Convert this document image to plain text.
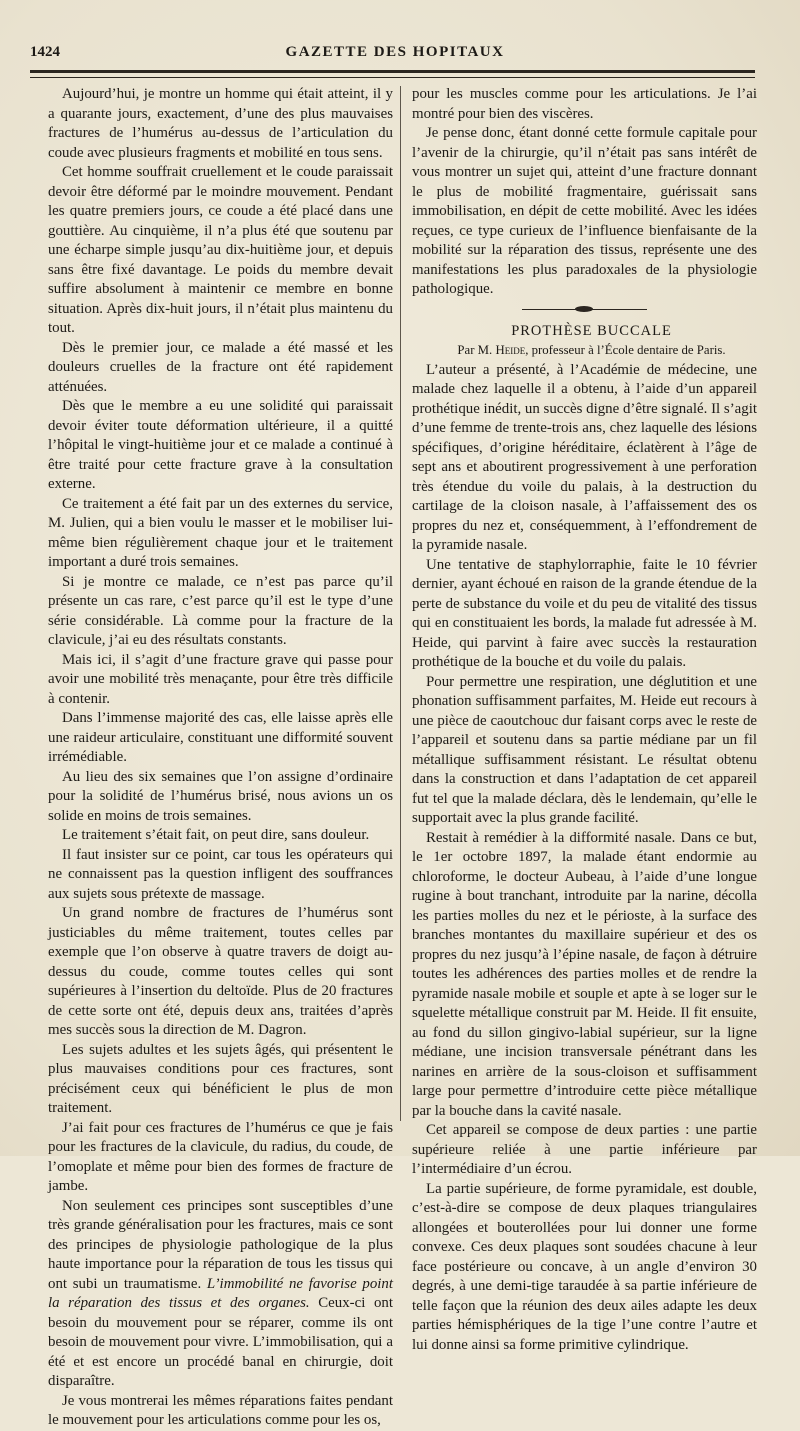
1424	GAZETTE DES HOPITAUX

Aujourd’hui, je montre un homme qui était atteint, il y a quarante jours, exactement, d’une des plus mauvaises fractures de l’humérus au-dessus de l’articulation du coude avec plusieurs fragments et mobilité en tous sens.

Cet homme souffrait cruellement et le coude paraissait devoir être déformé par le moindre mouvement. Pendant les quatre premiers jours, ce coude a été placé dans une gouttière. Au cinquième, il n’a plus été que soutenu par une écharpe simple jusqu’au dix-huitième jour, et depuis sans être fixé davantage. Le poids du membre devait suffire absolument à maintenir ce membre en bonne situation. Après dix-huit jours, il n’était plus maintenu du tout.

Dès le premier jour, ce malade a été massé et les douleurs cruelles de la fracture ont été rapidement atténuées.

Dès que le membre a eu une solidité qui paraissait devoir éviter toute déformation ultérieure, il a quitté l’hôpital le vingt-huitième jour et ce malade a continué à être traité pour cette fracture grave à la consultation externe.

Ce traitement a été fait par un des externes du service, M. Julien, qui a bien voulu le masser et le mobiliser lui-même bien régulièrement chaque jour et le traitement important a duré trois semaines.

Si je montre ce malade, ce n’est pas parce qu’il présente un cas rare, c’est parce qu’il est le type d’une série considérable. Là comme pour la fracture de la clavicule, j’ai eu des résultats constants.

Mais ici, il s’agit d’une fracture grave qui passe pour avoir une mobilité très menaçante, pour être très difficile à contenir.

Dans l’immense majorité des cas, elle laisse après elle une raideur articulaire, constituant une difformité souvent irrémédiable.

Au lieu des six semaines que l’on assigne d’ordinaire pour la solidité de l’humérus brisé, nous avions un os solide en moins de trois semaines.

Le traitement s’était fait, on peut dire, sans douleur.

Il faut insister sur ce point, car tous les opérateurs qui ne connaissent pas la question infligent des souffrances aux sujets sous prétexte de massage.

Un grand nombre de fractures de l’humérus sont justiciables du même traitement, toutes celles par exemple que l’on observe à quatre travers de doigt au-dessus du coude, comme toutes celles qui sont supérieures à l’insertion du deltoïde. Plus de 20 fractures de cette sorte ont été, depuis deux ans, traitées d’après mes succès sous la direction de M. Dagron.

Les sujets adultes et les sujets âgés, qui présentent le plus mauvaises conditions pour ces fractures, sont précisément ceux qui bénéficient le plus de mon traitement.

J’ai fait pour ces fractures de l’humérus ce que je fais pour les fractures de la clavicule, du radius, du coude, de l’omoplate et même pour bien des formes de fracture de jambe.

Non seulement ces principes sont susceptibles d’une très grande généralisation pour les fractures, mais ce sont des principes de physiologie pathologique de la plus haute importance pour la réparation de tous les tissus qui ont subi un traumatisme. L’immobilité ne favorise point la réparation des tissus et des organes. Ceux-ci ont besoin du mouvement pour se réparer, comme ils ont besoin de mouvement pour vivre. L’immobilisation, qui a été et est encore un procédé banal en chirurgie, doit disparaître.

Je vous montrerai les mêmes réparations faites pendant le mouvement pour les articulations comme pour les os,

pour les muscles comme pour les articulations. Je l’ai montré pour bien des viscères.

Je pense donc, étant donné cette formule capitale pour l’avenir de la chirurgie, qu’il n’était pas sans intérêt de vous montrer un sujet qui, atteint d’une fracture donnant le plus de mobilité fragmentaire, guérissait sans immobilisation, en dépit de cette mobilité. Avec les idées reçues, ce type curieux de l’influence bienfaisante de la mobilité sur la réparation des tissus, représente une des manifestations les plus paradoxales de la physiologie pathologique.

PROTHÈSE BUCCALE

Par M. Heide, professeur à l’École dentaire de Paris.

L’auteur a présenté, à l’Académie de médecine, une malade chez laquelle il a obtenu, à l’aide d’un appareil prothétique inédit, un succès digne d’être signalé. Il s’agit d’une femme de trente-trois ans, chez laquelle des lésions spécifiques, d’origine héréditaire, éclatèrent à l’âge de sept ans et aboutirent progressivement à une perforation très étendue du voile du palais, à la destruction du cartilage de la cloison nasale, à l’affaissement des os propres du nez et, conséquemment, à l’effondrement de la pyramide nasale.

Une tentative de staphylorraphie, faite le 10 février dernier, ayant échoué en raison de la grande étendue de la perte de substance du voile et du peu de vitalité des tissus qui en constituaient les bords, la malade fut adressée à M. Heide, qui parvint à faire avec succès la restauration prothétique de la bouche et du voile du palais.

Pour permettre une respiration, une déglutition et une phonation suffisamment parfaites, M. Heide eut recours à une pièce de caoutchouc dur faisant corps avec le reste de l’appareil et soutenu dans sa partie médiane par un fil métallique suffisamment résistant. Le résultat obtenu dans la construction et dans l’adaptation de cet appareil fut tel que la malade déclara, dès le lendemain, qu’elle le supportait avec la plus grande facilité.

Restait à remédier à la difformité nasale. Dans ce but, le 1er octobre 1897, la malade étant endormie au chloroforme, le docteur Aubeau, à l’aide d’une longue rugine à bout tranchant, introduite par la narine, décolla les parties molles du nez et le périoste, à la surface des branches montantes du maxillaire supérieur et des os propres du nez jusqu’à l’épine nasale, de façon à détruire toutes les adhérences des parties molles et de rendre la pyramide nasale mobile et souple et apte à se loger sur le squelette métallique construit par M. Heide. Il fit ensuite, au fond du sillon gingivo-labial supérieur, sur la ligne médiane, une incision transversale pénétrant dans les narines en arrière de la sous-cloison et suffisamment large pour permettre d’introduire cette pièce métallique par la bouche dans la cavité nasale.

Cet appareil se compose de deux parties : une partie supérieure reliée à une partie inférieure par l’intermédiaire d’un écrou.

La partie supérieure, de forme pyramidale, est double, c’est-à-dire se compose de deux plaques triangulaires allongées et bouterollées pour lui donner une forme convexe. Ces deux plaques sont soudées chacune à leur face postérieure ou concave, à un angle d’environ 30 degrés, à une demi-tige taraudée à sa partie inférieure de telle façon que la réunion des deux ailes adapte les deux parties hémisphériques de la tige l’une contre l’autre et lui donne ainsi sa forme primitive cylindrique.
